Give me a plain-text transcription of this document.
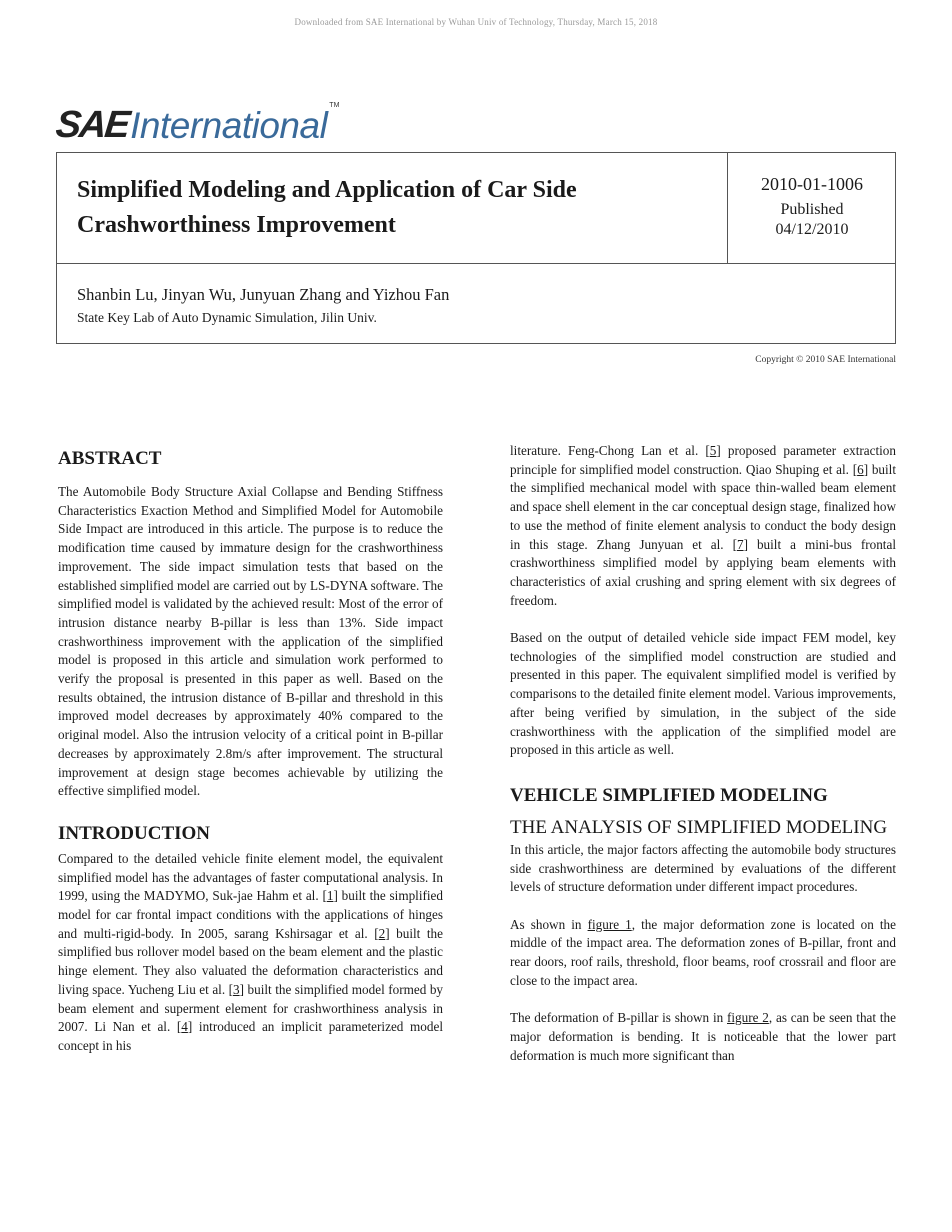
Downloaded from SAE International by Wuhan Univ of Technology, Thursday, March 15, 2018
SAE International TM
Simplified Modeling and Application of Car Side Crashworthiness Improvement
2010-01-1006
Published
04/12/2010
Shanbin Lu, Jinyan Wu, Junyuan Zhang and Yizhou Fan
State Key Lab of Auto Dynamic Simulation, Jilin Univ.
Copyright © 2010 SAE International
ABSTRACT

The Automobile Body Structure Axial Collapse and Bending Stiffness Characteristics Exaction Method and Simplified Model for Automobile Side Impact are introduced in this article. The purpose is to reduce the modification time caused by immature design for the crashworthiness improvement. The side impact simulation tests that based on the established simplified model are carried out by LS-DYNA software. The simplified model is validated by the achieved result: Most of the error of intrusion distance nearby B-pillar is less than 13%. Side impact crashworthiness improvement with the application of the simplified model is proposed in this article and simulation work performed to verify the proposal is presented in this paper as well. Based on the results obtained, the intrusion distance of B-pillar and threshold in this improved model decreases by approximately 40% compared to the original model. Also the intrusion velocity of a critical point in B-pillar decreases by approximately 2.8m/s after improvement. The structural improvement at design stage becomes achievable by utilizing the effective simplified model.

INTRODUCTION

Compared to the detailed vehicle finite element model, the equivalent simplified model has the advantages of faster computational analysis. In 1999, using the MADYMO, Suk-jae Hahm et al. [1] built the simplified model for car frontal impact conditions with the applications of hinges and multi-rigid-body. In 2005, sarang Kshirsagar et al. [2] built the simplified bus rollover model based on the beam element and the plastic hinge element. They also valuated the deformation characteristics and living space. Yucheng Liu et al. [3] built the simplified model formed by beam element and superment element for crashworthiness analysis in 2007. Li Nan et al. [4] introduced an implicit parameterized model concept in his

literature. Feng-Chong Lan et al. [5] proposed parameter extraction principle for simplified model construction. Qiao Shuping et al. [6] built the simplified mechanical model with space thin-walled beam element and space shell element in the car conceptual design stage, finalized how to use the method of finite element analysis to conduct the body design in this stage. Zhang Junyuan et al. [7] built a mini-bus frontal crashworthiness simplified model by applying beam elements with characteristics of axial crushing and spring element with six degrees of freedom.

Based on the output of detailed vehicle side impact FEM model, key technologies of the simplified model construction are studied and presented in this paper. The equivalent simplified model is verified by comparisons to the detailed finite element model. Various improvements, after being verified by simulation, in the subject of the side crashworthiness with the application of the simplified model are proposed in this article as well.

VEHICLE SIMPLIFIED MODELING
THE ANALYSIS OF SIMPLIFIED MODELING

In this article, the major factors affecting the automobile body structures side crashworthiness are determined by evaluations of the different levels of structure deformation under different impact procedures.

As shown in figure 1, the major deformation zone is located on the middle of the impact area. The deformation zones of B-pillar, front and rear doors, roof rails, threshold, floor beams, roof crossrail and floor are close to the impact area.

The deformation of B-pillar is shown in figure 2, as can be seen that the major deformation is bending. It is noticeable that the lower part deformation is much more significant than
